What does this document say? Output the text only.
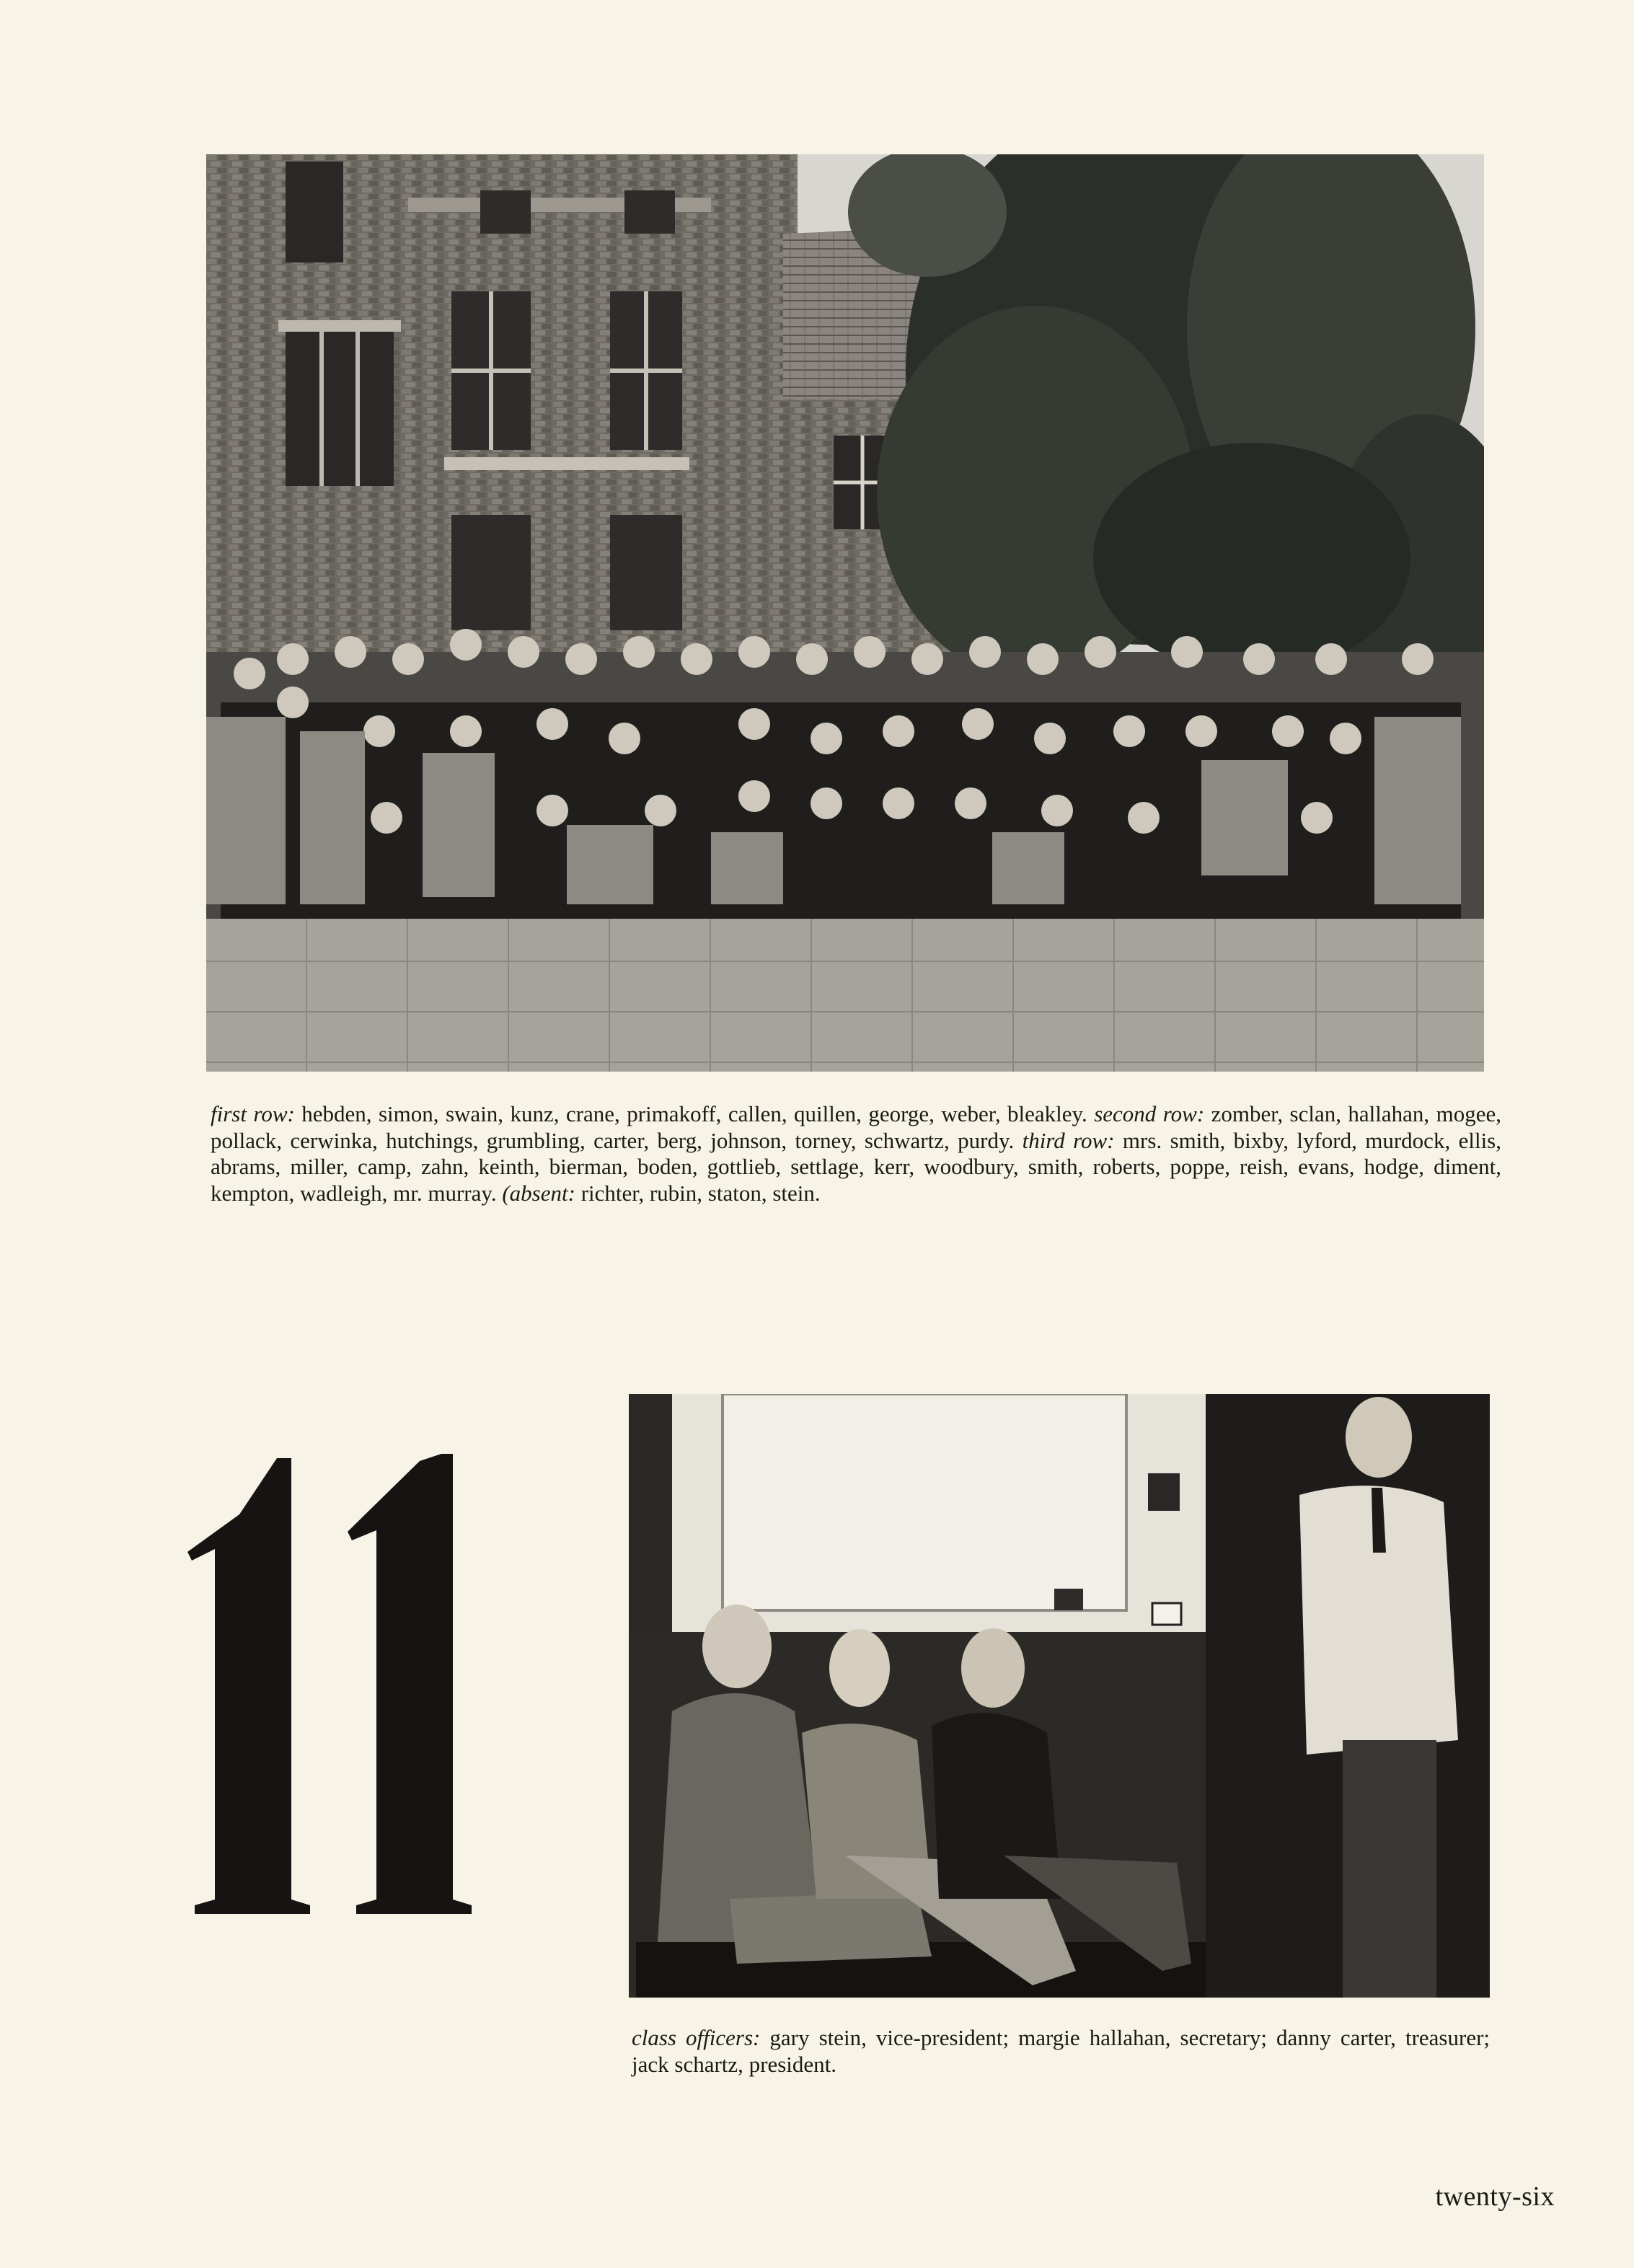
first row: hebden, simon, swain, kunz, crane, primakoff, callen, quillen, george, weber, bleakley. second row: zomber, sclan, hallahan, mogee, pollack, cerwinka, hutchings, grumbling, carter, berg, johnson, torney, schwartz, purdy. third row: mrs. smith, bixby, lyford, murdock, ellis, abrams, miller, camp, zahn, keinth, bierman, boden, gottlieb, settlage, kerr, woodbury, smith, roberts, poppe, reish, evans, hodge, diment, kempton, wadleigh, mr. murray. (absent: richter, rubin, staton, stein.

11

class officers: gary stein, vice-president; margie hallahan, secretary; danny carter, treasurer; jack schartz, president.

twenty-six
